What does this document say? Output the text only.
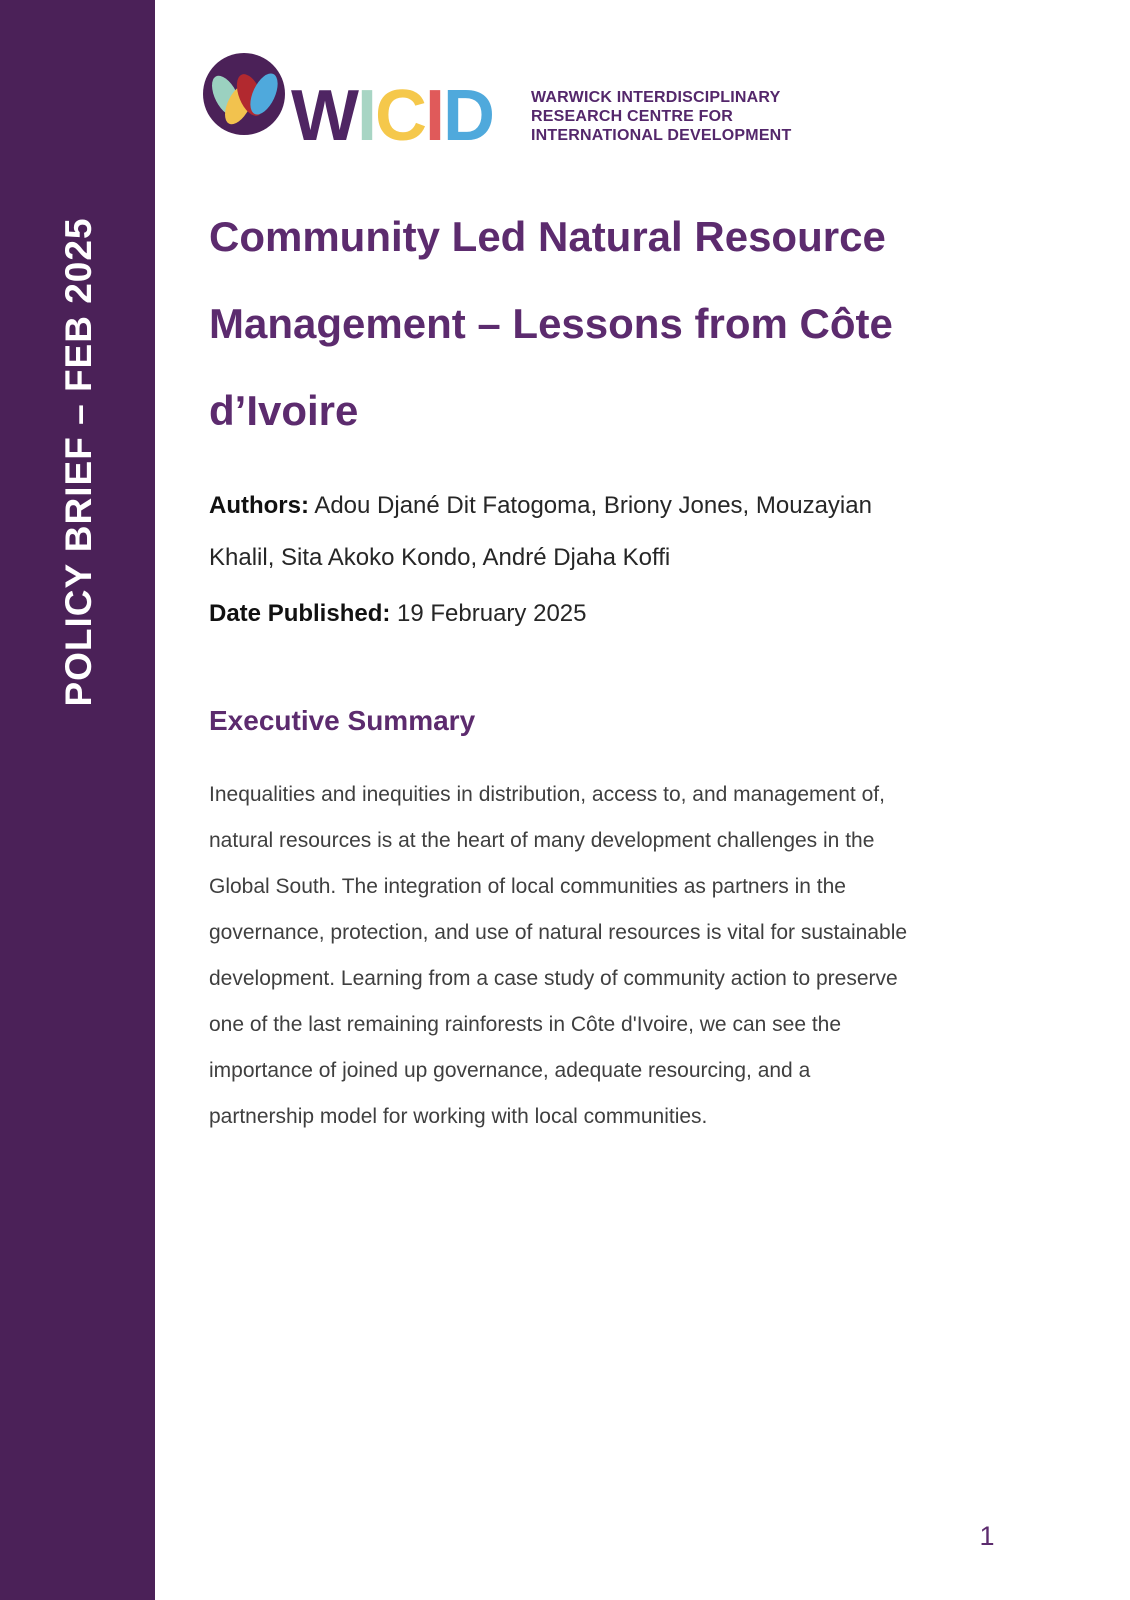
POLICY BRIEF – FEB 2025
WICID WARWICK INTERDISCIPLINARY
RESEARCH CENTRE FOR
INTERNATIONAL DEVELOPMENT
Community Led Natural Resource
Management – Lessons from Côte
d’Ivoire
Authors: Adou Djané Dit Fatogoma, Briony Jones, Mouzayian
Khalil, Sita Akoko Kondo, André Djaha Koffi
Date Published: 19 February 2025
Executive Summary
Inequalities and inequities in distribution, access to, and management of,
natural resources is at the heart of many development challenges in the
Global South. The integration of local communities as partners in the
governance, protection, and use of natural resources is vital for sustainable
development. Learning from a case study of community action to preserve
one of the last remaining rainforests in Côte d'Ivoire, we can see the
importance of joined up governance, adequate resourcing, and a
partnership model for working with local communities.
1
